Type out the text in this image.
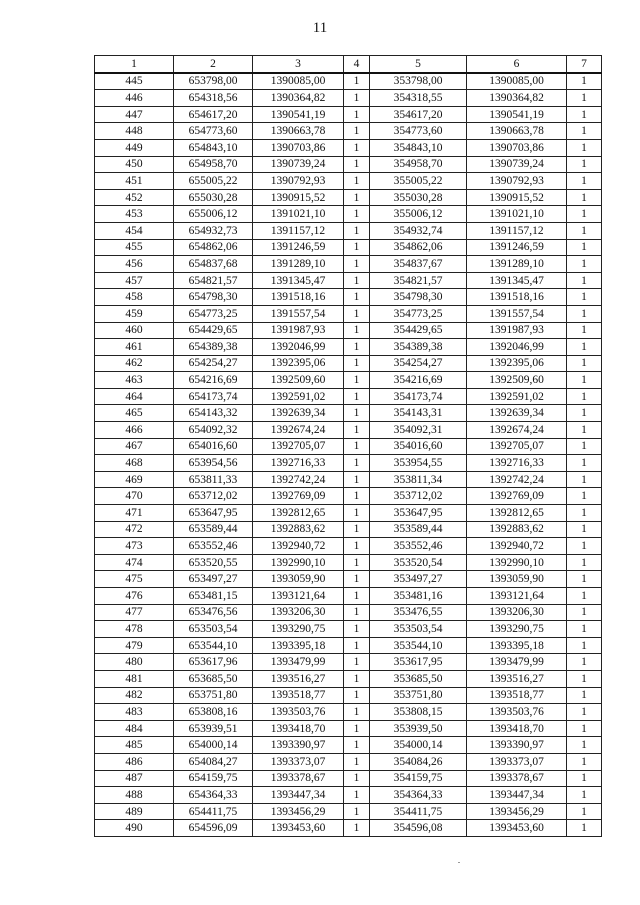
11
1	2	3	4	5	6	7
445	653798,00	1390085,00	1	353798,00	1390085,00	1
446	654318,56	1390364,82	1	354318,55	1390364,82	1
447	654617,20	1390541,19	1	354617,20	1390541,19	1
448	654773,60	1390663,78	1	354773,60	1390663,78	1
449	654843,10	1390703,86	1	354843,10	1390703,86	1
450	654958,70	1390739,24	1	354958,70	1390739,24	1
451	655005,22	1390792,93	1	355005,22	1390792,93	1
452	655030,28	1390915,52	1	355030,28	1390915,52	1
453	655006,12	1391021,10	1	355006,12	1391021,10	1
454	654932,73	1391157,12	1	354932,74	1391157,12	1
455	654862,06	1391246,59	1	354862,06	1391246,59	1
456	654837,68	1391289,10	1	354837,67	1391289,10	1
457	654821,57	1391345,47	1	354821,57	1391345,47	1
458	654798,30	1391518,16	1	354798,30	1391518,16	1
459	654773,25	1391557,54	1	354773,25	1391557,54	1
460	654429,65	1391987,93	1	354429,65	1391987,93	1
461	654389,38	1392046,99	1	354389,38	1392046,99	1
462	654254,27	1392395,06	1	354254,27	1392395,06	1
463	654216,69	1392509,60	1	354216,69	1392509,60	1
464	654173,74	1392591,02	1	354173,74	1392591,02	1
465	654143,32	1392639,34	1	354143,31	1392639,34	1
466	654092,32	1392674,24	1	354092,31	1392674,24	1
467	654016,60	1392705,07	1	354016,60	1392705,07	1
468	653954,56	1392716,33	1	353954,55	1392716,33	1
469	653811,33	1392742,24	1	353811,34	1392742,24	1
470	653712,02	1392769,09	1	353712,02	1392769,09	1
471	653647,95	1392812,65	1	353647,95	1392812,65	1
472	653589,44	1392883,62	1	353589,44	1392883,62	1
473	653552,46	1392940,72	1	353552,46	1392940,72	1
474	653520,55	1392990,10	1	353520,54	1392990,10	1
475	653497,27	1393059,90	1	353497,27	1393059,90	1
476	653481,15	1393121,64	1	353481,16	1393121,64	1
477	653476,56	1393206,30	1	353476,55	1393206,30	1
478	653503,54	1393290,75	1	353503,54	1393290,75	1
479	653544,10	1393395,18	1	353544,10	1393395,18	1
480	653617,96	1393479,99	1	353617,95	1393479,99	1
481	653685,50	1393516,27	1	353685,50	1393516,27	1
482	653751,80	1393518,77	1	353751,80	1393518,77	1
483	653808,16	1393503,76	1	353808,15	1393503,76	1
484	653939,51	1393418,70	1	353939,50	1393418,70	1
485	654000,14	1393390,97	1	354000,14	1393390,97	1
486	654084,27	1393373,07	1	354084,26	1393373,07	1
487	654159,75	1393378,67	1	354159,75	1393378,67	1
488	654364,33	1393447,34	1	354364,33	1393447,34	1
489	654411,75	1393456,29	1	354411,75	1393456,29	1
490	654596,09	1393453,60	1	354596,08	1393453,60	1
